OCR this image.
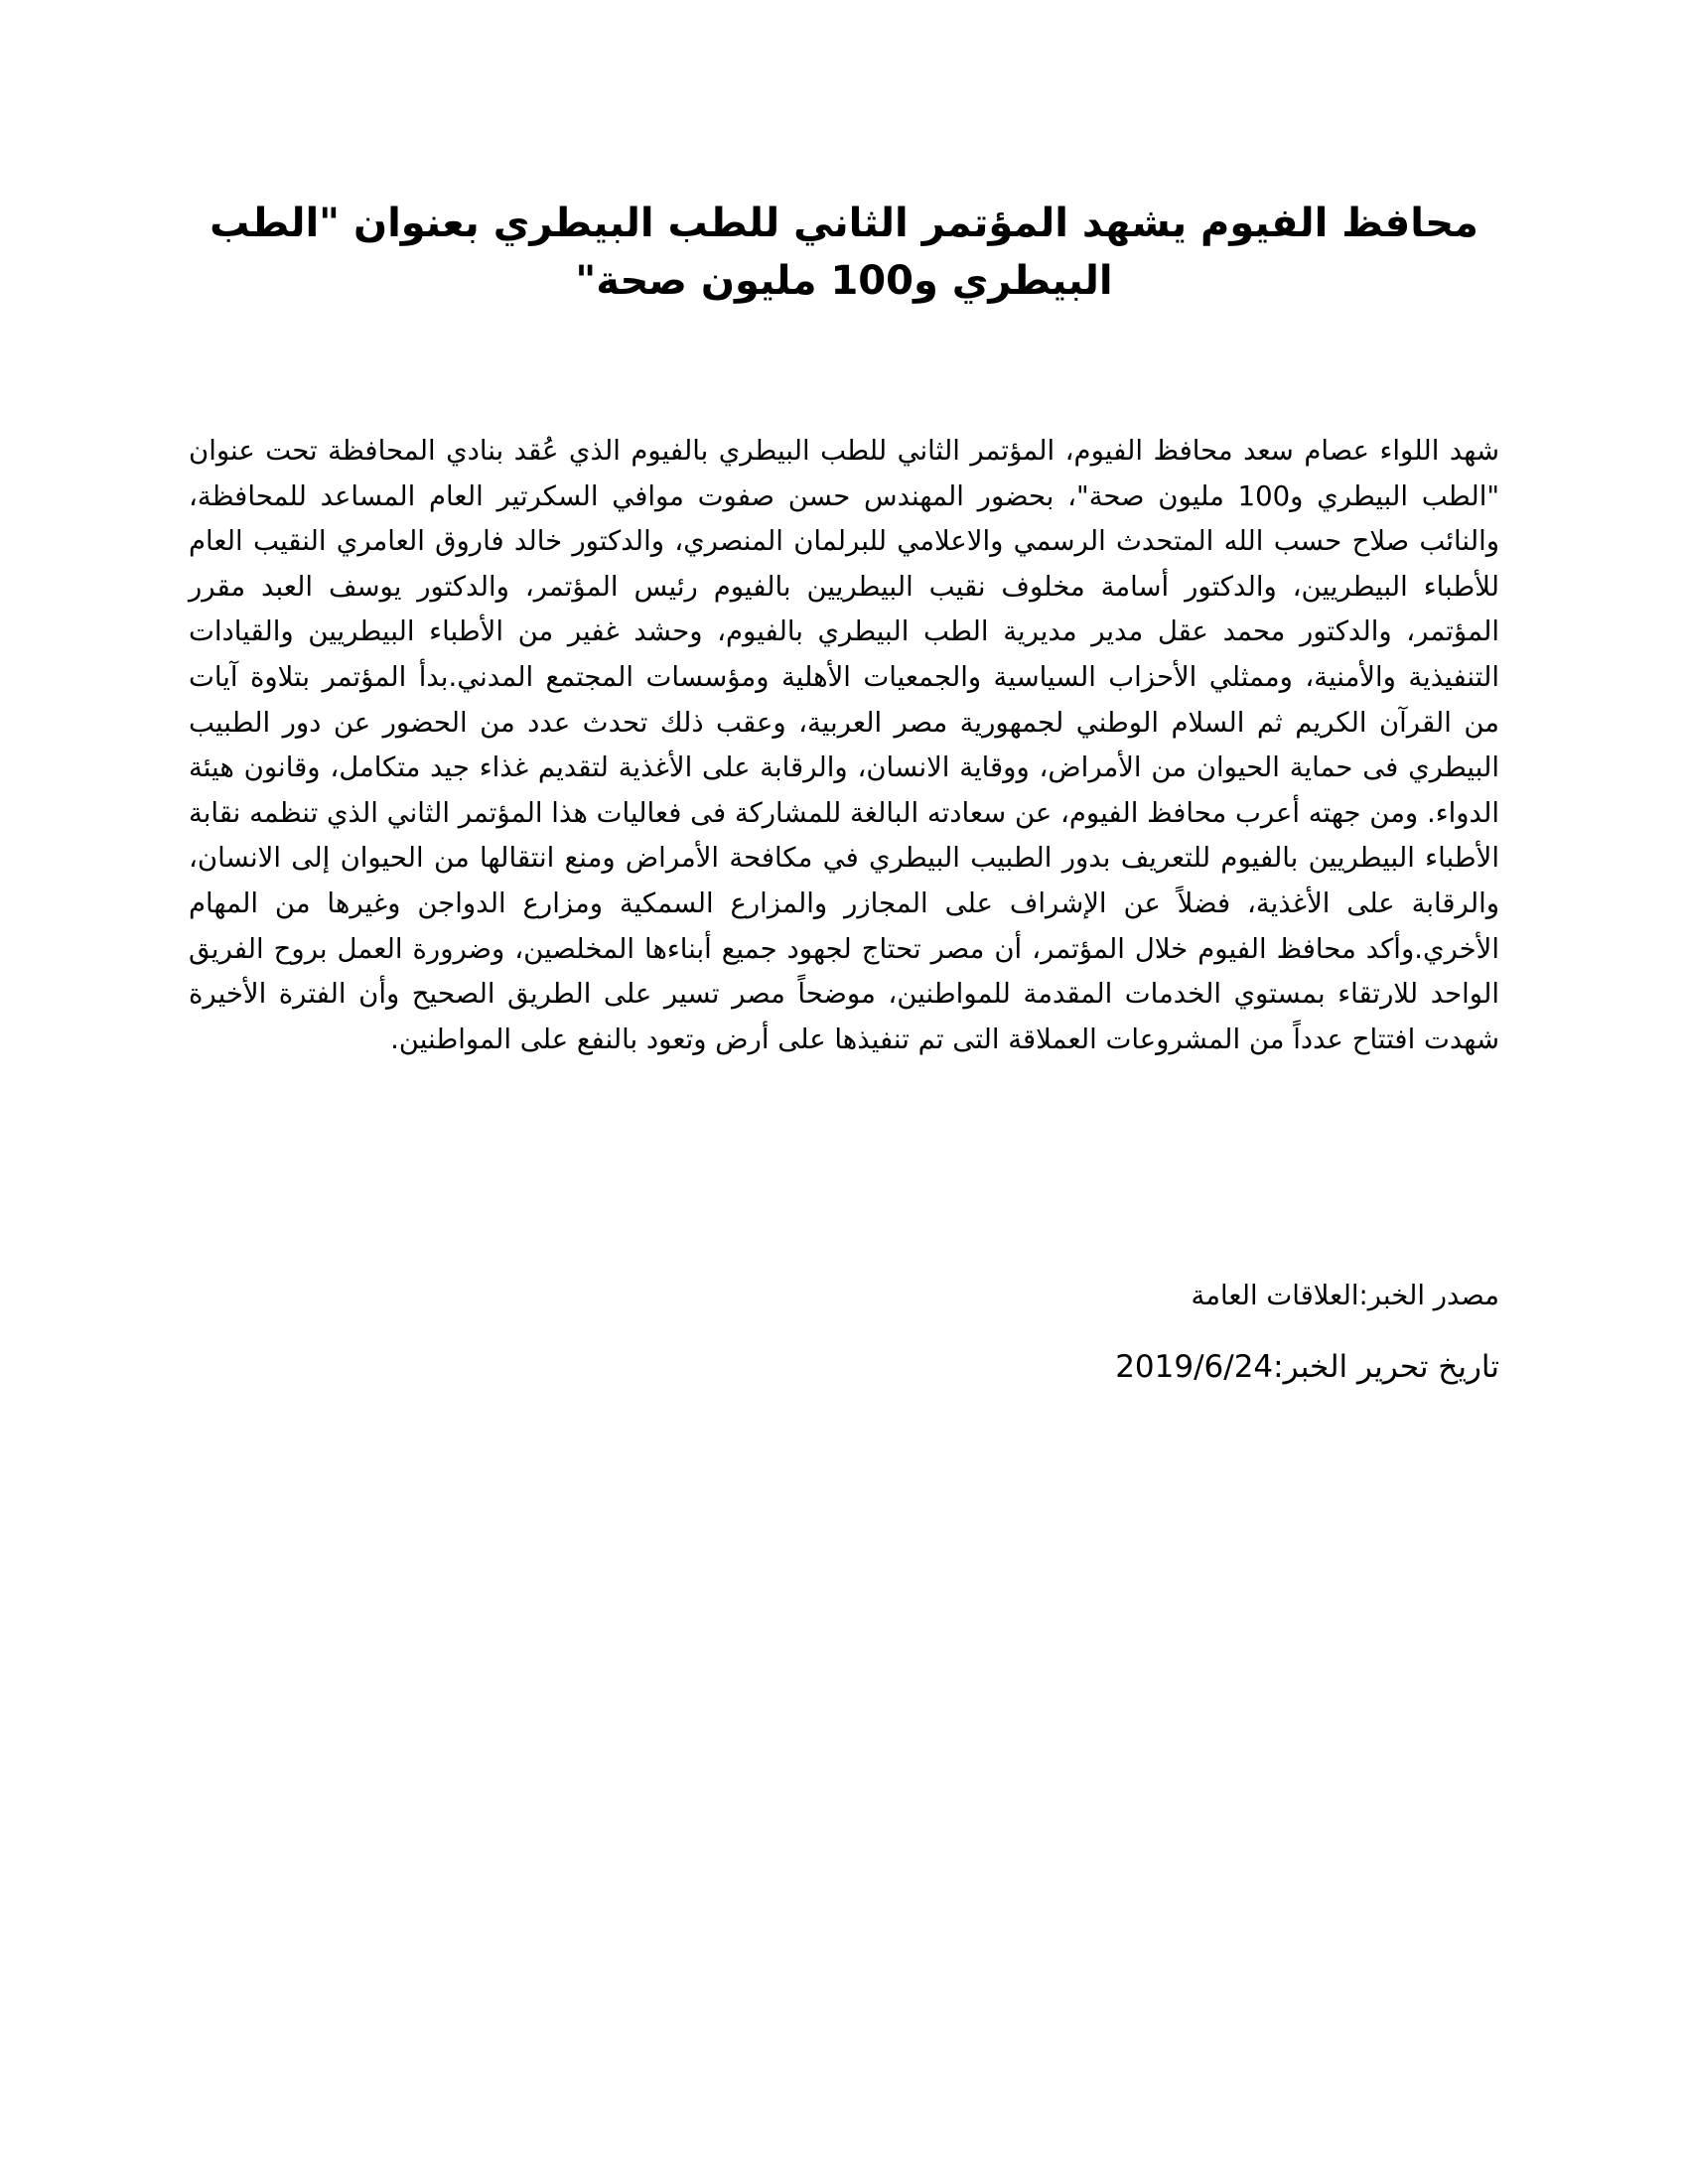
محافظ الفيوم يشهد المؤتمر الثاني للطب البيطري بعنوان "الطب البيطري و100 مليون صحة"

شهد اللواء عصام سعد محافظ الفيوم، المؤتمر الثاني للطب البيطري بالفيوم الذي عُقد بنادي المحافظة تحت عنوان "الطب البيطري و100 مليون صحة"، بحضور المهندس حسن صفوت موافي السكرتير العام المساعد للمحافظة، والنائب صلاح حسب الله المتحدث الرسمي والاعلامي للبرلمان المنصري، والدكتور خالد فاروق العامري النقيب العام للأطباء البيطريين، والدكتور أسامة مخلوف نقيب البيطريين بالفيوم رئيس المؤتمر، والدكتور يوسف العبد مقرر المؤتمر، والدكتور محمد عقل مدير مديرية الطب البيطري بالفيوم، وحشد غفير من الأطباء البيطريين والقيادات التنفيذية والأمنية، وممثلي الأحزاب السياسية والجمعيات الأهلية ومؤسسات المجتمع المدني.بدأ المؤتمر بتلاوة آيات من القرآن الكريم ثم السلام الوطني لجمهورية مصر العربية، وعقب ذلك تحدث عدد من الحضور عن دور الطبيب البيطري فى حماية الحيوان من الأمراض، ووقاية الانسان، والرقابة على الأغذية لتقديم غذاء جيد متكامل، وقانون هيئة الدواء. ومن جهته أعرب محافظ الفيوم، عن سعادته البالغة للمشاركة فى فعاليات هذا المؤتمر الثاني الذي تنظمه نقابة الأطباء البيطريين بالفيوم للتعريف بدور الطبيب البيطري في مكافحة الأمراض ومنع انتقالها من الحيوان إلى الانسان، والرقابة على الأغذية، فضلاً عن الإشراف على المجازر والمزارع السمكية ومزارع الدواجن وغيرها من المهام الأخري.وأكد محافظ الفيوم خلال المؤتمر، أن مصر تحتاج لجهود جميع أبناءها المخلصين، وضرورة العمل بروح الفريق الواحد للارتقاء بمستوي الخدمات المقدمة للمواطنين، موضحاً مصر تسير على الطريق الصحيح وأن الفترة الأخيرة شهدت افتتاح عدداً من المشروعات العملاقة التى تم تنفيذها على أرض وتعود بالنفع على المواطنين.

مصدر الخبر:العلاقات العامة

تاريخ تحرير الخبر:2019/6/24
